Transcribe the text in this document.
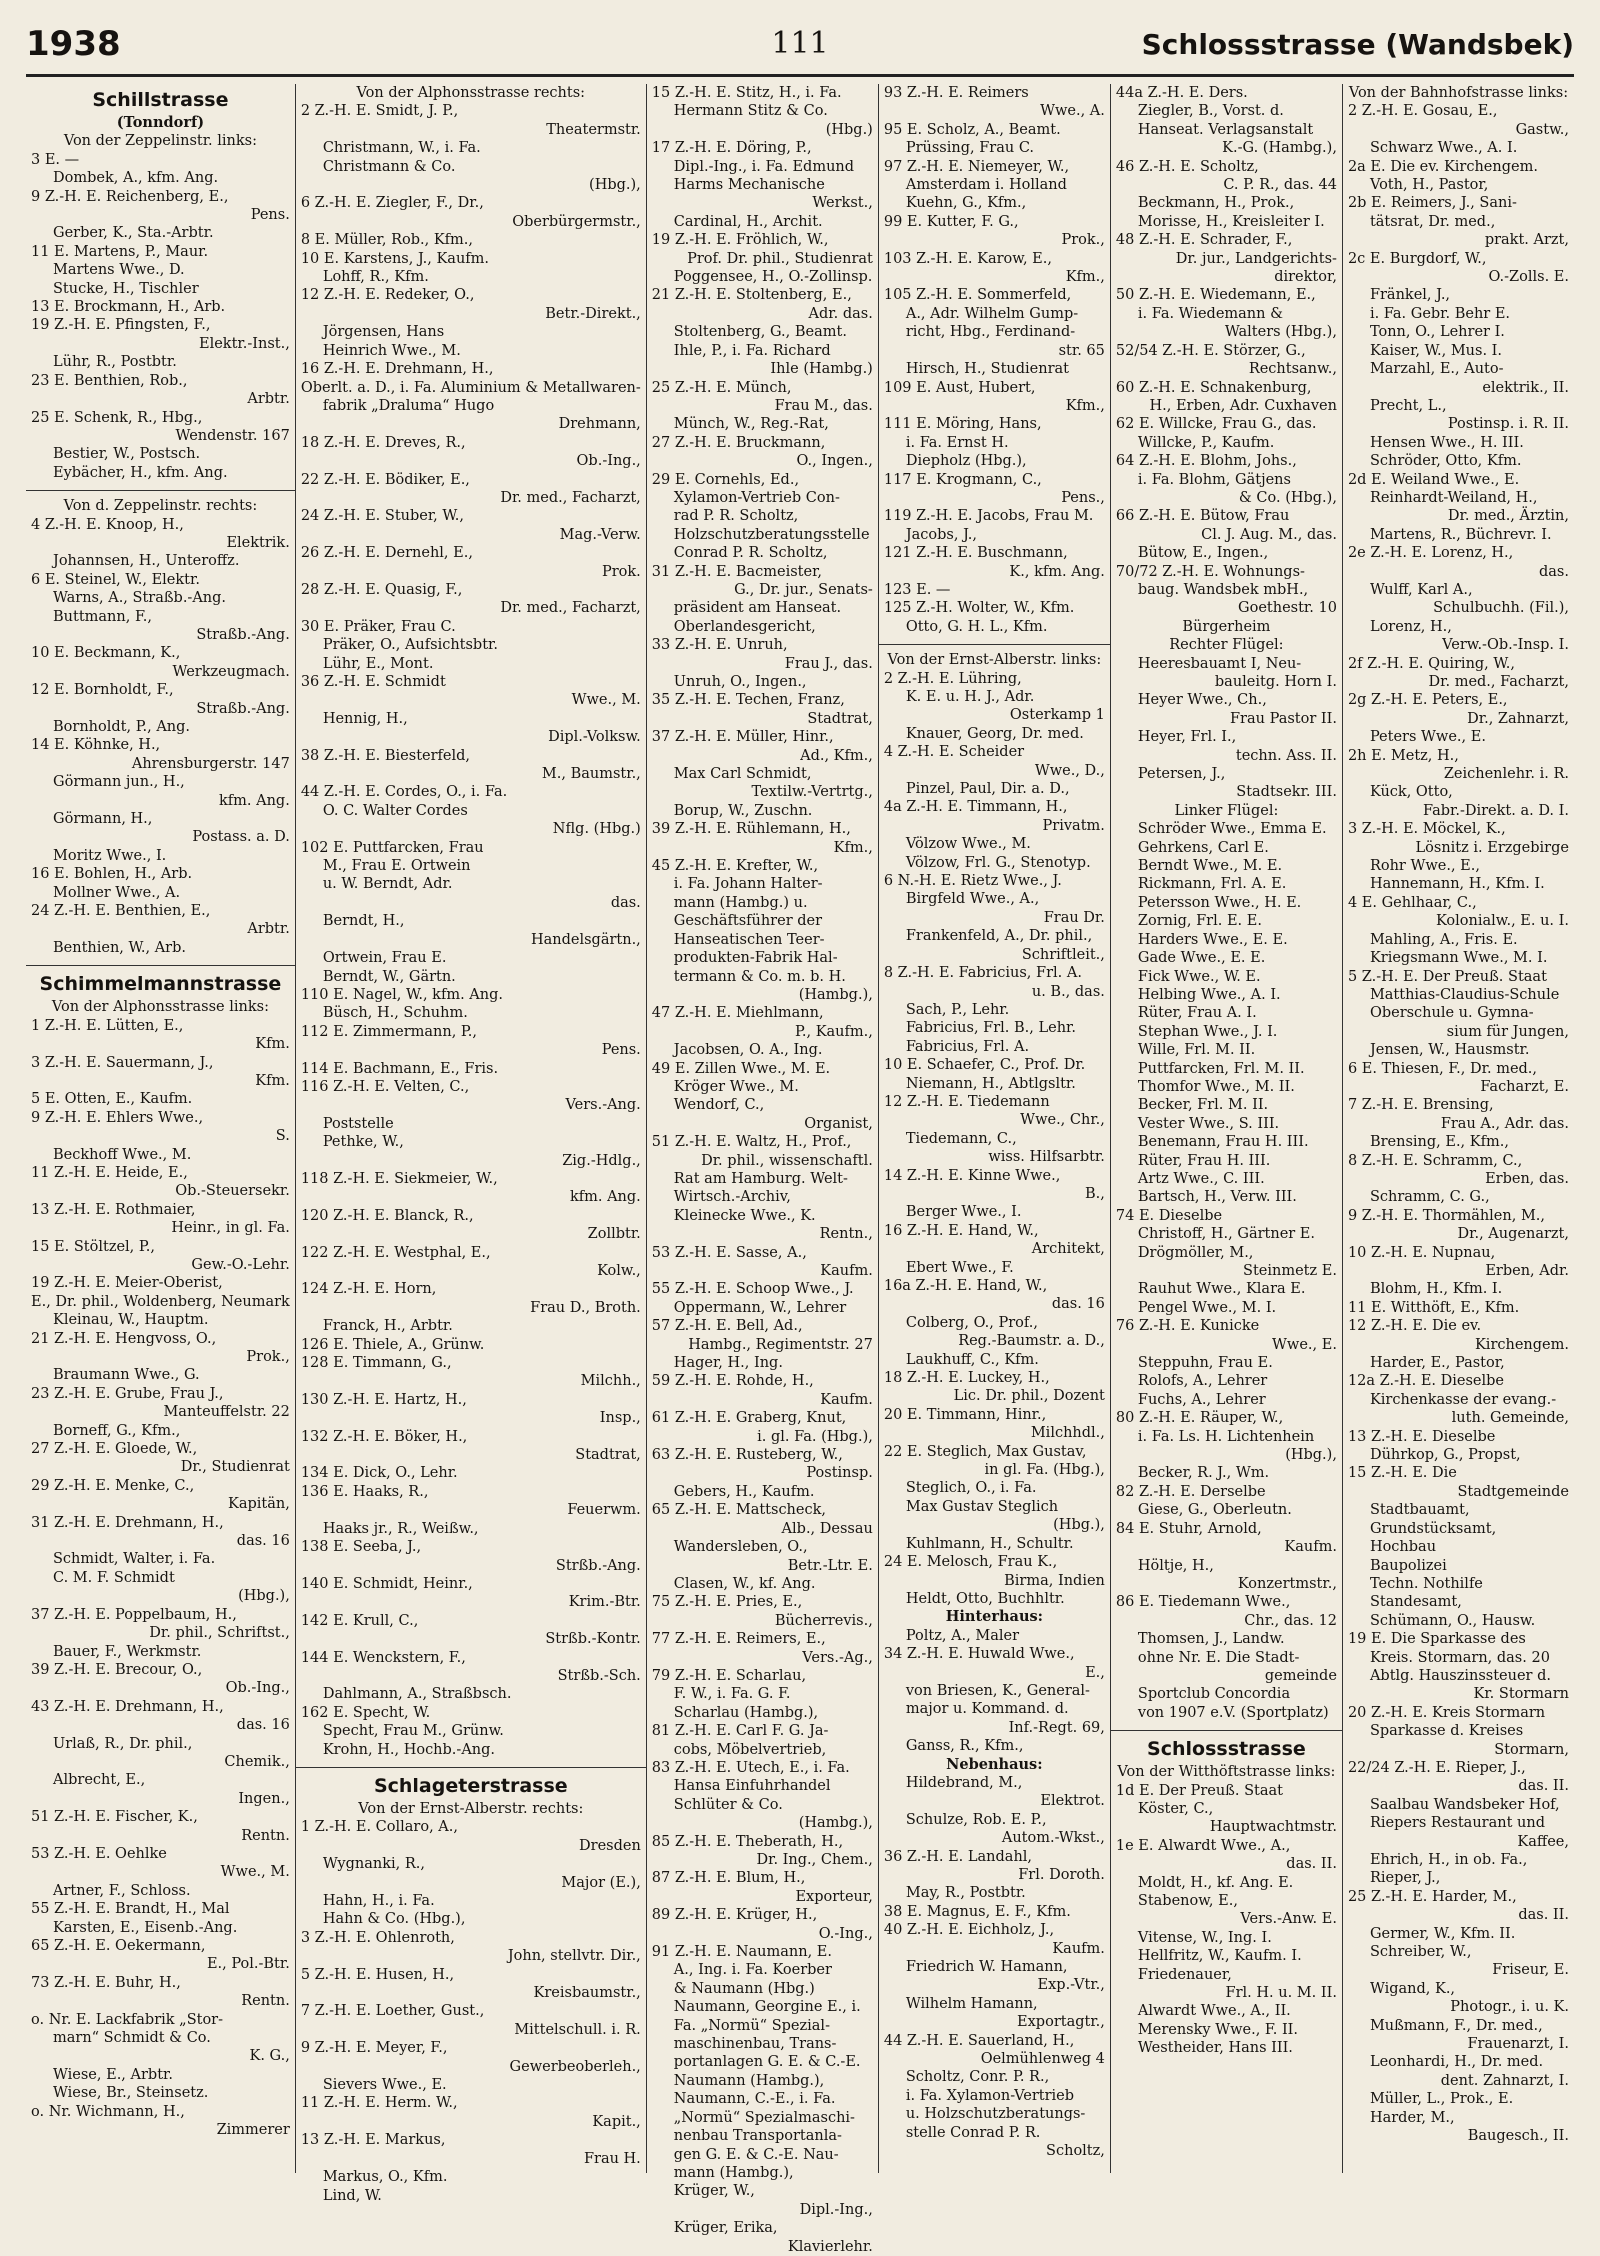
1938	111	Schlossstrasse (Wandsbek)
Schillstrasse
(Tonndorf)
Von der Zeppelinstr. links:
3 E. —
Dombek, A., kfm. Ang.
9 Z.-H. E. Reichenberg, E.,
Pens.
Gerber, K., Sta.-Arbtr.
11 E. Martens, P., Maur.
Martens Wwe., D.
Stucke, H., Tischler
13 E. Brockmann, H., Arb.
19 Z.-H. E. Pfingsten, F.,
Elektr.-Inst.,
Lühr, R., Postbtr.
23 E. Benthien, Rob.,
Arbtr.
25 E. Schenk, R., Hbg.,
Wendenstr. 167
Bestier, W., Postsch.
Eybächer, H., kfm. Ang.
Von d. Zeppelinstr. rechts:
4 Z.-H. E. Knoop, H.,
Elektrik.
Johannsen, H., Unteroffz.
6 E. Steinel, W., Elektr.
Warns, A., Straßb.-Ang.
Buttmann, F.,
Straßb.-Ang.
10 E. Beckmann, K.,
Werkzeugmach.
12 E. Bornholdt, F.,
Straßb.-Ang.
Bornholdt, P., Ang.
14 E. Köhnke, H.,
Ahrensburgerstr. 147
Görmann jun., H.,
kfm. Ang.
Görmann, H.,
Postass. a. D.
Moritz Wwe., I.
16 E. Bohlen, H., Arb.
Mollner Wwe., A.
24 Z.-H. E. Benthien, E.,
Arbtr.
Benthien, W., Arb.
Schimmelmannstrasse
Von der Alphonsstrasse links:
1 Z.-H. E. Lütten, E.,
Kfm.
3 Z.-H. E. Sauermann, J.,
Kfm.
5 E. Otten, E., Kaufm.
9 Z.-H. E. Ehlers Wwe.,
S.
Beckhoff Wwe., M.
11 Z.-H. E. Heide, E.,
Ob.-Steuersekr.
13 Z.-H. E. Rothmaier,
Heinr., in gl. Fa.
15 E. Stöltzel, P.,
Gew.-O.-Lehr.
19 Z.-H. E. Meier-Oberist,
E., Dr. phil., Woldenberg, Neumark
Kleinau, W., Hauptm.
21 Z.-H. E. Hengvoss, O.,
Prok.,
Braumann Wwe., G.
23 Z.-H. E. Grube, Frau J.,
Manteuffelstr. 22
Borneff, G., Kfm.,
27 Z.-H. E. Gloede, W.,
Dr., Studienrat
29 Z.-H. E. Menke, C.,
Kapitän,
31 Z.-H. E. Drehmann, H.,
das. 16
Schmidt, Walter, i. Fa.
C. M. F. Schmidt
(Hbg.),
37 Z.-H. E. Poppelbaum, H.,
Dr. phil., Schriftst.,
Bauer, F., Werkmstr.
39 Z.-H. E. Brecour, O.,
Ob.-Ing.,
43 Z.-H. E. Drehmann, H.,
das. 16
Urlaß, R., Dr. phil.,
Chemik.,
Albrecht, E.,
Ingen.,
51 Z.-H. E. Fischer, K.,
Rentn.
53 Z.-H. E. Oehlke
Wwe., M.
Artner, F., Schloss.
55 Z.-H. E. Brandt, H., Mal
Karsten, E., Eisenb.-Ang.
65 Z.-H. E. Oekermann,
E., Pol.-Btr.
73 Z.-H. E. Buhr, H.,
Rentn.
o. Nr. E. Lackfabrik „Stor-
marn“ Schmidt & Co.
K. G.,
Wiese, E., Arbtr.
Wiese, Br., Steinsetz.
o. Nr. Wichmann, H.,
Zimmerer
Von der Alphonsstrasse rechts:
2 Z.-H. E. Smidt, J. P.,
Theatermstr.
Christmann, W., i. Fa.
Christmann & Co.
(Hbg.),
6 Z.-H. E. Ziegler, F., Dr.,
Oberbürgermstr.,
8 E. Müller, Rob., Kfm.,
10 E. Karstens, J., Kaufm.
Lohff, R., Kfm.
12 Z.-H. E. Redeker, O.,
Betr.-Direkt.,
Jörgensen, Hans
Heinrich Wwe., M.
16 Z.-H. E. Drehmann, H.,
Oberlt. a. D., i. Fa. Aluminium & Metallwaren-
fabrik „Draluma“ Hugo
Drehmann,
18 Z.-H. E. Dreves, R.,
Ob.-Ing.,
22 Z.-H. E. Bödiker, E.,
Dr. med., Facharzt,
24 Z.-H. E. Stuber, W.,
Mag.-Verw.
26 Z.-H. E. Dernehl, E.,
Prok.
28 Z.-H. E. Quasig, F.,
Dr. med., Facharzt,
30 E. Präker, Frau C.
Präker, O., Aufsichtsbtr.
Lühr, E., Mont.
36 Z.-H. E. Schmidt
Wwe., M.
Hennig, H.,
Dipl.-Volksw.
38 Z.-H. E. Biesterfeld,
M., Baumstr.,
44 Z.-H. E. Cordes, O., i. Fa.
O. C. Walter Cordes
Nflg. (Hbg.)
102 E. Puttfarcken, Frau
M., Frau E. Ortwein
u. W. Berndt, Adr.
das.
Berndt, H.,
Handelsgärtn.,
Ortwein, Frau E.
Berndt, W., Gärtn.
110 E. Nagel, W., kfm. Ang.
Büsch, H., Schuhm.
112 E. Zimmermann, P.,
Pens.
114 E. Bachmann, E., Fris.
116 Z.-H. E. Velten, C.,
Vers.-Ang.
Poststelle
Pethke, W.,
Zig.-Hdlg.,
118 Z.-H. E. Siekmeier, W.,
kfm. Ang.
120 Z.-H. E. Blanck, R.,
Zollbtr.
122 Z.-H. E. Westphal, E.,
Kolw.,
124 Z.-H. E. Horn,
Frau D., Broth.
Franck, H., Arbtr.
126 E. Thiele, A., Grünw.
128 E. Timmann, G.,
Milchh.,
130 Z.-H. E. Hartz, H.,
Insp.,
132 Z.-H. E. Böker, H.,
Stadtrat,
134 E. Dick, O., Lehr.
136 E. Haaks, R.,
Feuerwm.
Haaks jr., R., Weißw.,
138 E. Seeba, J.,
Strßb.-Ang.
140 E. Schmidt, Heinr.,
Krim.-Btr.
142 E. Krull, C.,
Strßb.-Kontr.
144 E. Wenckstern, F.,
Strßb.-Sch.
Dahlmann, A., Straßbsch.
162 E. Specht, W.
Specht, Frau M., Grünw.
Krohn, H., Hochb.-Ang.
Schlageterstrasse
Von der Ernst-Alberstr. rechts:
1 Z.-H. E. Collaro, A.,
Dresden
Wygnanki, R.,
Major (E.),
Hahn, H., i. Fa.
Hahn & Co. (Hbg.),
3 Z.-H. E. Ohlenroth,
John, stellvtr. Dir.,
5 Z.-H. E. Husen, H.,
Kreisbaumstr.,
7 Z.-H. E. Loether, Gust.,
Mittelschull. i. R.
9 Z.-H. E. Meyer, F.,
Gewerbeoberleh.,
Sievers Wwe., E.
11 Z.-H. E. Herm. W.,
Kapit.,
13 Z.-H. E. Markus,
Frau H.
Markus, O., Kfm.
Lind, W.
15 Z.-H. E. Stitz, H., i. Fa.
Hermann Stitz & Co.
(Hbg.)
17 Z.-H. E. Döring, P.,
Dipl.-Ing., i. Fa. Edmund
Harms Mechanische
Werkst.,
Cardinal, H., Archit.
19 Z.-H. E. Fröhlich, W.,
Prof. Dr. phil., Studienrat
Poggensee, H., O.-Zollinsp.
21 Z.-H. E. Stoltenberg, E.,
Adr. das.
Stoltenberg, G., Beamt.
Ihle, P., i. Fa. Richard
Ihle (Hambg.)
25 Z.-H. E. Münch,
Frau M., das.
Münch, W., Reg.-Rat,
27 Z.-H. E. Bruckmann,
O., Ingen.,
29 E. Cornehls, Ed.,
Xylamon-Vertrieb Con-
rad P. R. Scholtz,
Holzschutzberatungsstelle
Conrad P. R. Scholtz,
31 Z.-H. E. Bacmeister,
G., Dr. jur., Senats-
präsident am Hanseat.
Oberlandesgericht,
33 Z.-H. E. Unruh,
Frau J., das.
Unruh, O., Ingen.,
35 Z.-H. E. Techen, Franz,
Stadtrat,
37 Z.-H. E. Müller, Hinr.,
Ad., Kfm.,
Max Carl Schmidt,
Textilw.-Vertrtg.,
Borup, W., Zuschn.
39 Z.-H. E. Rühlemann, H.,
Kfm.,
45 Z.-H. E. Krefter, W.,
i. Fa. Johann Halter-
mann (Hambg.) u.
Geschäftsführer der
Hanseatischen Teer-
produkten-Fabrik Hal-
termann & Co. m. b. H.
(Hambg.),
47 Z.-H. E. Miehlmann,
P., Kaufm.,
Jacobsen, O. A., Ing.
49 E. Zillen Wwe., M. E.
Kröger Wwe., M.
Wendorf, C.,
Organist,
51 Z.-H. E. Waltz, H., Prof.,
Dr. phil., wissenschaftl.
Rat am Hamburg. Welt-
Wirtsch.-Archiv,
Kleinecke Wwe., K.
Rentn.,
53 Z.-H. E. Sasse, A.,
Kaufm.
55 Z.-H. E. Schoop Wwe., J.
Oppermann, W., Lehrer
57 Z.-H. E. Bell, Ad.,
Hambg., Regimentstr. 27
Hager, H., Ing.
59 Z.-H. E. Rohde, H.,
Kaufm.
61 Z.-H. E. Graberg, Knut,
i. gl. Fa. (Hbg.),
63 Z.-H. E. Rusteberg, W.,
Postinsp.
Gebers, H., Kaufm.
65 Z.-H. E. Mattscheck,
Alb., Dessau
Wandersleben, O.,
Betr.-Ltr. E.
Clasen, W., kf. Ang.
75 Z.-H. E. Pries, E.,
Bücherrevis.,
77 Z.-H. E. Reimers, E.,
Vers.-Ag.,
79 Z.-H. E. Scharlau,
F. W., i. Fa. G. F.
Scharlau (Hambg.),
81 Z.-H. E. Carl F. G. Ja-
cobs, Möbelvertrieb,
83 Z.-H. E. Utech, E., i. Fa.
Hansa Einfuhrhandel
Schlüter & Co.
(Hambg.),
85 Z.-H. E. Theberath, H.,
Dr. Ing., Chem.,
87 Z.-H. E. Blum, H.,
Exporteur,
89 Z.-H. E. Krüger, H.,
O.-Ing.,
91 Z.-H. E. Naumann, E.
A., Ing. i. Fa. Koerber
& Naumann (Hbg.)
Naumann, Georgine E., i.
Fa. „Normü“ Spezial-
maschinenbau, Trans-
portanlagen G. E. & C.-E.
Naumann (Hambg.),
Naumann, C.-E., i. Fa.
„Normü“ Spezialmaschi-
nenbau Transportanla-
gen G. E. & C.-E. Nau-
mann (Hambg.),
Krüger, W.,
Dipl.-Ing.,
Krüger, Erika,
Klavierlehr.
93 Z.-H. E. Reimers
Wwe., A.
95 E. Scholz, A., Beamt.
Prüssing, Frau C.
97 Z.-H. E. Niemeyer, W.,
Amsterdam i. Holland
Kuehn, G., Kfm.,
99 E. Kutter, F. G.,
Prok.,
103 Z.-H. E. Karow, E.,
Kfm.,
105 Z.-H. E. Sommerfeld,
A., Adr. Wilhelm Gump-
richt, Hbg., Ferdinand-
str. 65
Hirsch, H., Studienrat
109 E. Aust, Hubert,
Kfm.,
111 E. Möring, Hans,
i. Fa. Ernst H.
Diepholz (Hbg.),
117 E. Krogmann, C.,
Pens.,
119 Z.-H. E. Jacobs, Frau M.
Jacobs, J.,
121 Z.-H. E. Buschmann,
K., kfm. Ang.
123 E. —
125 Z.-H. Wolter, W., Kfm.
Otto, G. H. L., Kfm.
Von der Ernst-Alberstr. links:
2 Z.-H. E. Lühring,
K. E. u. H. J., Adr.
Osterkamp 1
Knauer, Georg, Dr. med.
4 Z.-H. E. Scheider
Wwe., D.,
Pinzel, Paul, Dir. a. D.,
4a Z.-H. E. Timmann, H.,
Privatm.
Völzow Wwe., M.
Völzow, Frl. G., Stenotyp.
6 N.-H. E. Rietz Wwe., J.
Birgfeld Wwe., A.,
Frau Dr.
Frankenfeld, A., Dr. phil.,
Schriftleit.,
8 Z.-H. E. Fabricius, Frl. A.
u. B., das.
Sach, P., Lehr.
Fabricius, Frl. B., Lehr.
Fabricius, Frl. A.
10 E. Schaefer, C., Prof. Dr.
Niemann, H., Abtlgsltr.
12 Z.-H. E. Tiedemann
Wwe., Chr.,
Tiedemann, C.,
wiss. Hilfsarbtr.
14 Z.-H. E. Kinne Wwe.,
B.,
Berger Wwe., I.
16 Z.-H. E. Hand, W.,
Architekt,
Ebert Wwe., F.
16a Z.-H. E. Hand, W.,
das. 16
Colberg, O., Prof.,
Reg.-Baumstr. a. D.,
Laukhuff, C., Kfm.
18 Z.-H. E. Luckey, H.,
Lic. Dr. phil., Dozent
20 E. Timmann, Hinr.,
Milchhdl.,
22 E. Steglich, Max Gustav,
in gl. Fa. (Hbg.),
Steglich, O., i. Fa.
Max Gustav Steglich
(Hbg.),
Kuhlmann, H., Schultr.
24 E. Melosch, Frau K.,
Birma, Indien
Heldt, Otto, Buchhltr.
Hinterhaus:
Poltz, A., Maler
34 Z.-H. E. Huwald Wwe.,
E.,
von Briesen, K., General-
major u. Kommand. d.
Inf.-Regt. 69,
Ganss, R., Kfm.,
Nebenhaus:
Hildebrand, M.,
Elektrot.
Schulze, Rob. E. P.,
Autom.-Wkst.,
36 Z.-H. E. Landahl,
Frl. Doroth.
May, R., Postbtr.
38 E. Magnus, E. F., Kfm.
40 Z.-H. E. Eichholz, J.,
Kaufm.
Friedrich W. Hamann,
Exp.-Vtr.,
Wilhelm Hamann,
Exportagtr.,
44 Z.-H. E. Sauerland, H.,
Oelmühlenweg 4
Scholtz, Conr. P. R.,
i. Fa. Xylamon-Vertrieb
u. Holzschutzberatungs-
stelle Conrad P. R.
Scholtz,
44a Z.-H. E. Ders.
Ziegler, B., Vorst. d.
Hanseat. Verlagsanstalt
K.-G. (Hambg.),
46 Z.-H. E. Scholtz,
C. P. R., das. 44
Beckmann, H., Prok.,
Morisse, H., Kreisleiter I.
48 Z.-H. E. Schrader, F.,
Dr. jur., Landgerichts-
direktor,
50 Z.-H. E. Wiedemann, E.,
i. Fa. Wiedemann &
Walters (Hbg.),
52/54 Z.-H. E. Störzer, G.,
Rechtsanw.,
60 Z.-H. E. Schnakenburg,
H., Erben, Adr. Cuxhaven
62 E. Willcke, Frau G., das.
Willcke, P., Kaufm.
64 Z.-H. E. Blohm, Johs.,
i. Fa. Blohm, Gätjens
& Co. (Hbg.),
66 Z.-H. E. Bütow, Frau
Cl. J. Aug. M., das.
Bütow, E., Ingen.,
70/72 Z.-H. E. Wohnungs-
baug. Wandsbek mbH.,
Goethestr. 10
Bürgerheim
Rechter Flügel:
Heeresbauamt I, Neu-
bauleitg. Horn I.
Heyer Wwe., Ch.,
Frau Pastor II.
Heyer, Frl. I.,
techn. Ass. II.
Petersen, J.,
Stadtsekr. III.
Linker Flügel:
Schröder Wwe., Emma E.
Gehrkens, Carl E.
Berndt Wwe., M. E.
Rickmann, Frl. A. E.
Petersson Wwe., H. E.
Zornig, Frl. E. E.
Harders Wwe., E. E.
Gade Wwe., E. E.
Fick Wwe., W. E.
Helbing Wwe., A. I.
Rüter, Frau A. I.
Stephan Wwe., J. I.
Wille, Frl. M. II.
Puttfarcken, Frl. M. II.
Thomfor Wwe., M. II.
Becker, Frl. M. II.
Vester Wwe., S. III.
Benemann, Frau H. III.
Rüter, Frau H. III.
Artz Wwe., C. III.
Bartsch, H., Verw. III.
74 E. Dieselbe
Christoff, H., Gärtner E.
Drögmöller, M.,
Steinmetz E.
Rauhut Wwe., Klara E.
Pengel Wwe., M. I.
76 Z.-H. E. Kunicke
Wwe., E.
Steppuhn, Frau E.
Rolofs, A., Lehrer
Fuchs, A., Lehrer
80 Z.-H. E. Räuper, W.,
i. Fa. Ls. H. Lichtenhein
(Hbg.),
Becker, R. J., Wm.
82 Z.-H. E. Derselbe
Giese, G., Oberleutn.
84 E. Stuhr, Arnold,
Kaufm.
Höltje, H.,
Konzertmstr.,
86 E. Tiedemann Wwe.,
Chr., das. 12
Thomsen, J., Landw.
ohne Nr. E. Die Stadt-
gemeinde
Sportclub Concordia
von 1907 e.V. (Sportplatz)
Schlossstrasse
Von der Witthöftstrasse links:
1d E. Der Preuß. Staat
Köster, C.,
Hauptwachtmstr.
1e E. Alwardt Wwe., A.,
das. II.
Moldt, H., kf. Ang. E.
Stabenow, E.,
Vers.-Anw. E.
Vitense, W., Ing. I.
Hellfritz, W., Kaufm. I.
Friedenauer,
Frl. H. u. M. II.
Alwardt Wwe., A., II.
Merensky Wwe., F. II.
Westheider, Hans III.
Von der Bahnhofstrasse links:
2 Z.-H. E. Gosau, E.,
Gastw.,
Schwarz Wwe., A. I.
2a E. Die ev. Kirchengem.
Voth, H., Pastor,
2b E. Reimers, J., Sani-
tätsrat, Dr. med.,
prakt. Arzt,
2c E. Burgdorf, W.,
O.-Zolls. E.
Fränkel, J.,
i. Fa. Gebr. Behr E.
Tonn, O., Lehrer I.
Kaiser, W., Mus. I.
Marzahl, E., Auto-
elektrik., II.
Precht, L.,
Postinsp. i. R. II.
Hensen Wwe., H. III.
Schröder, Otto, Kfm.
2d E. Weiland Wwe., E.
Reinhardt-Weiland, H.,
Dr. med., Ärztin,
Martens, R., Büchrevr. I.
2e Z.-H. E. Lorenz, H.,
das.
Wulff, Karl A.,
Schulbuchh. (Fil.),
Lorenz, H.,
Verw.-Ob.-Insp. I.
2f Z.-H. E. Quiring, W.,
Dr. med., Facharzt,
2g Z.-H. E. Peters, E.,
Dr., Zahnarzt,
Peters Wwe., E.
2h E. Metz, H.,
Zeichenlehr. i. R.
Kück, Otto,
Fabr.-Direkt. a. D. I.
3 Z.-H. E. Möckel, K.,
Lösnitz i. Erzgebirge
Rohr Wwe., E.,
Hannemann, H., Kfm. I.
4 E. Gehlhaar, C.,
Kolonialw., E. u. I.
Mahling, A., Fris. E.
Kriegsmann Wwe., M. I.
5 Z.-H. E. Der Preuß. Staat
Matthias-Claudius-Schule
Oberschule u. Gymna-
sium für Jungen,
Jensen, W., Hausmstr.
6 E. Thiesen, F., Dr. med.,
Facharzt, E.
7 Z.-H. E. Brensing,
Frau A., Adr. das.
Brensing, E., Kfm.,
8 Z.-H. E. Schramm, C.,
Erben, das.
Schramm, C. G.,
9 Z.-H. E. Thormählen, M.,
Dr., Augenarzt,
10 Z.-H. E. Nupnau,
Erben, Adr.
Blohm, H., Kfm. I.
11 E. Witthöft, E., Kfm.
12 Z.-H. E. Die ev.
Kirchengem.
Harder, E., Pastor,
12a Z.-H. E. Dieselbe
Kirchenkasse der evang.-
luth. Gemeinde,
13 Z.-H. E. Dieselbe
Dührkop, G., Propst,
15 Z.-H. E. Die
Stadtgemeinde
Stadtbauamt,
Grundstücksamt,
Hochbau
Baupolizei
Techn. Nothilfe
Standesamt,
Schümann, O., Hausw.
19 E. Die Sparkasse des
Kreis. Stormarn, das. 20
Abtlg. Hauszinssteuer d.
Kr. Stormarn
20 Z.-H. E. Kreis Stormarn
Sparkasse d. Kreises
Stormarn,
22/24 Z.-H. E. Rieper, J.,
das. II.
Saalbau Wandsbeker Hof,
Riepers Restaurant und
Kaffee,
Ehrich, H., in ob. Fa.,
Rieper, J.,
25 Z.-H. E. Harder, M.,
das. II.
Germer, W., Kfm. II.
Schreiber, W.,
Friseur, E.
Wigand, K.,
Photogr., i. u. K.
Mußmann, F., Dr. med.,
Frauenarzt, I.
Leonhardi, H., Dr. med.
dent. Zahnarzt, I.
Müller, L., Prok., E.
Harder, M.,
Baugesch., II.
